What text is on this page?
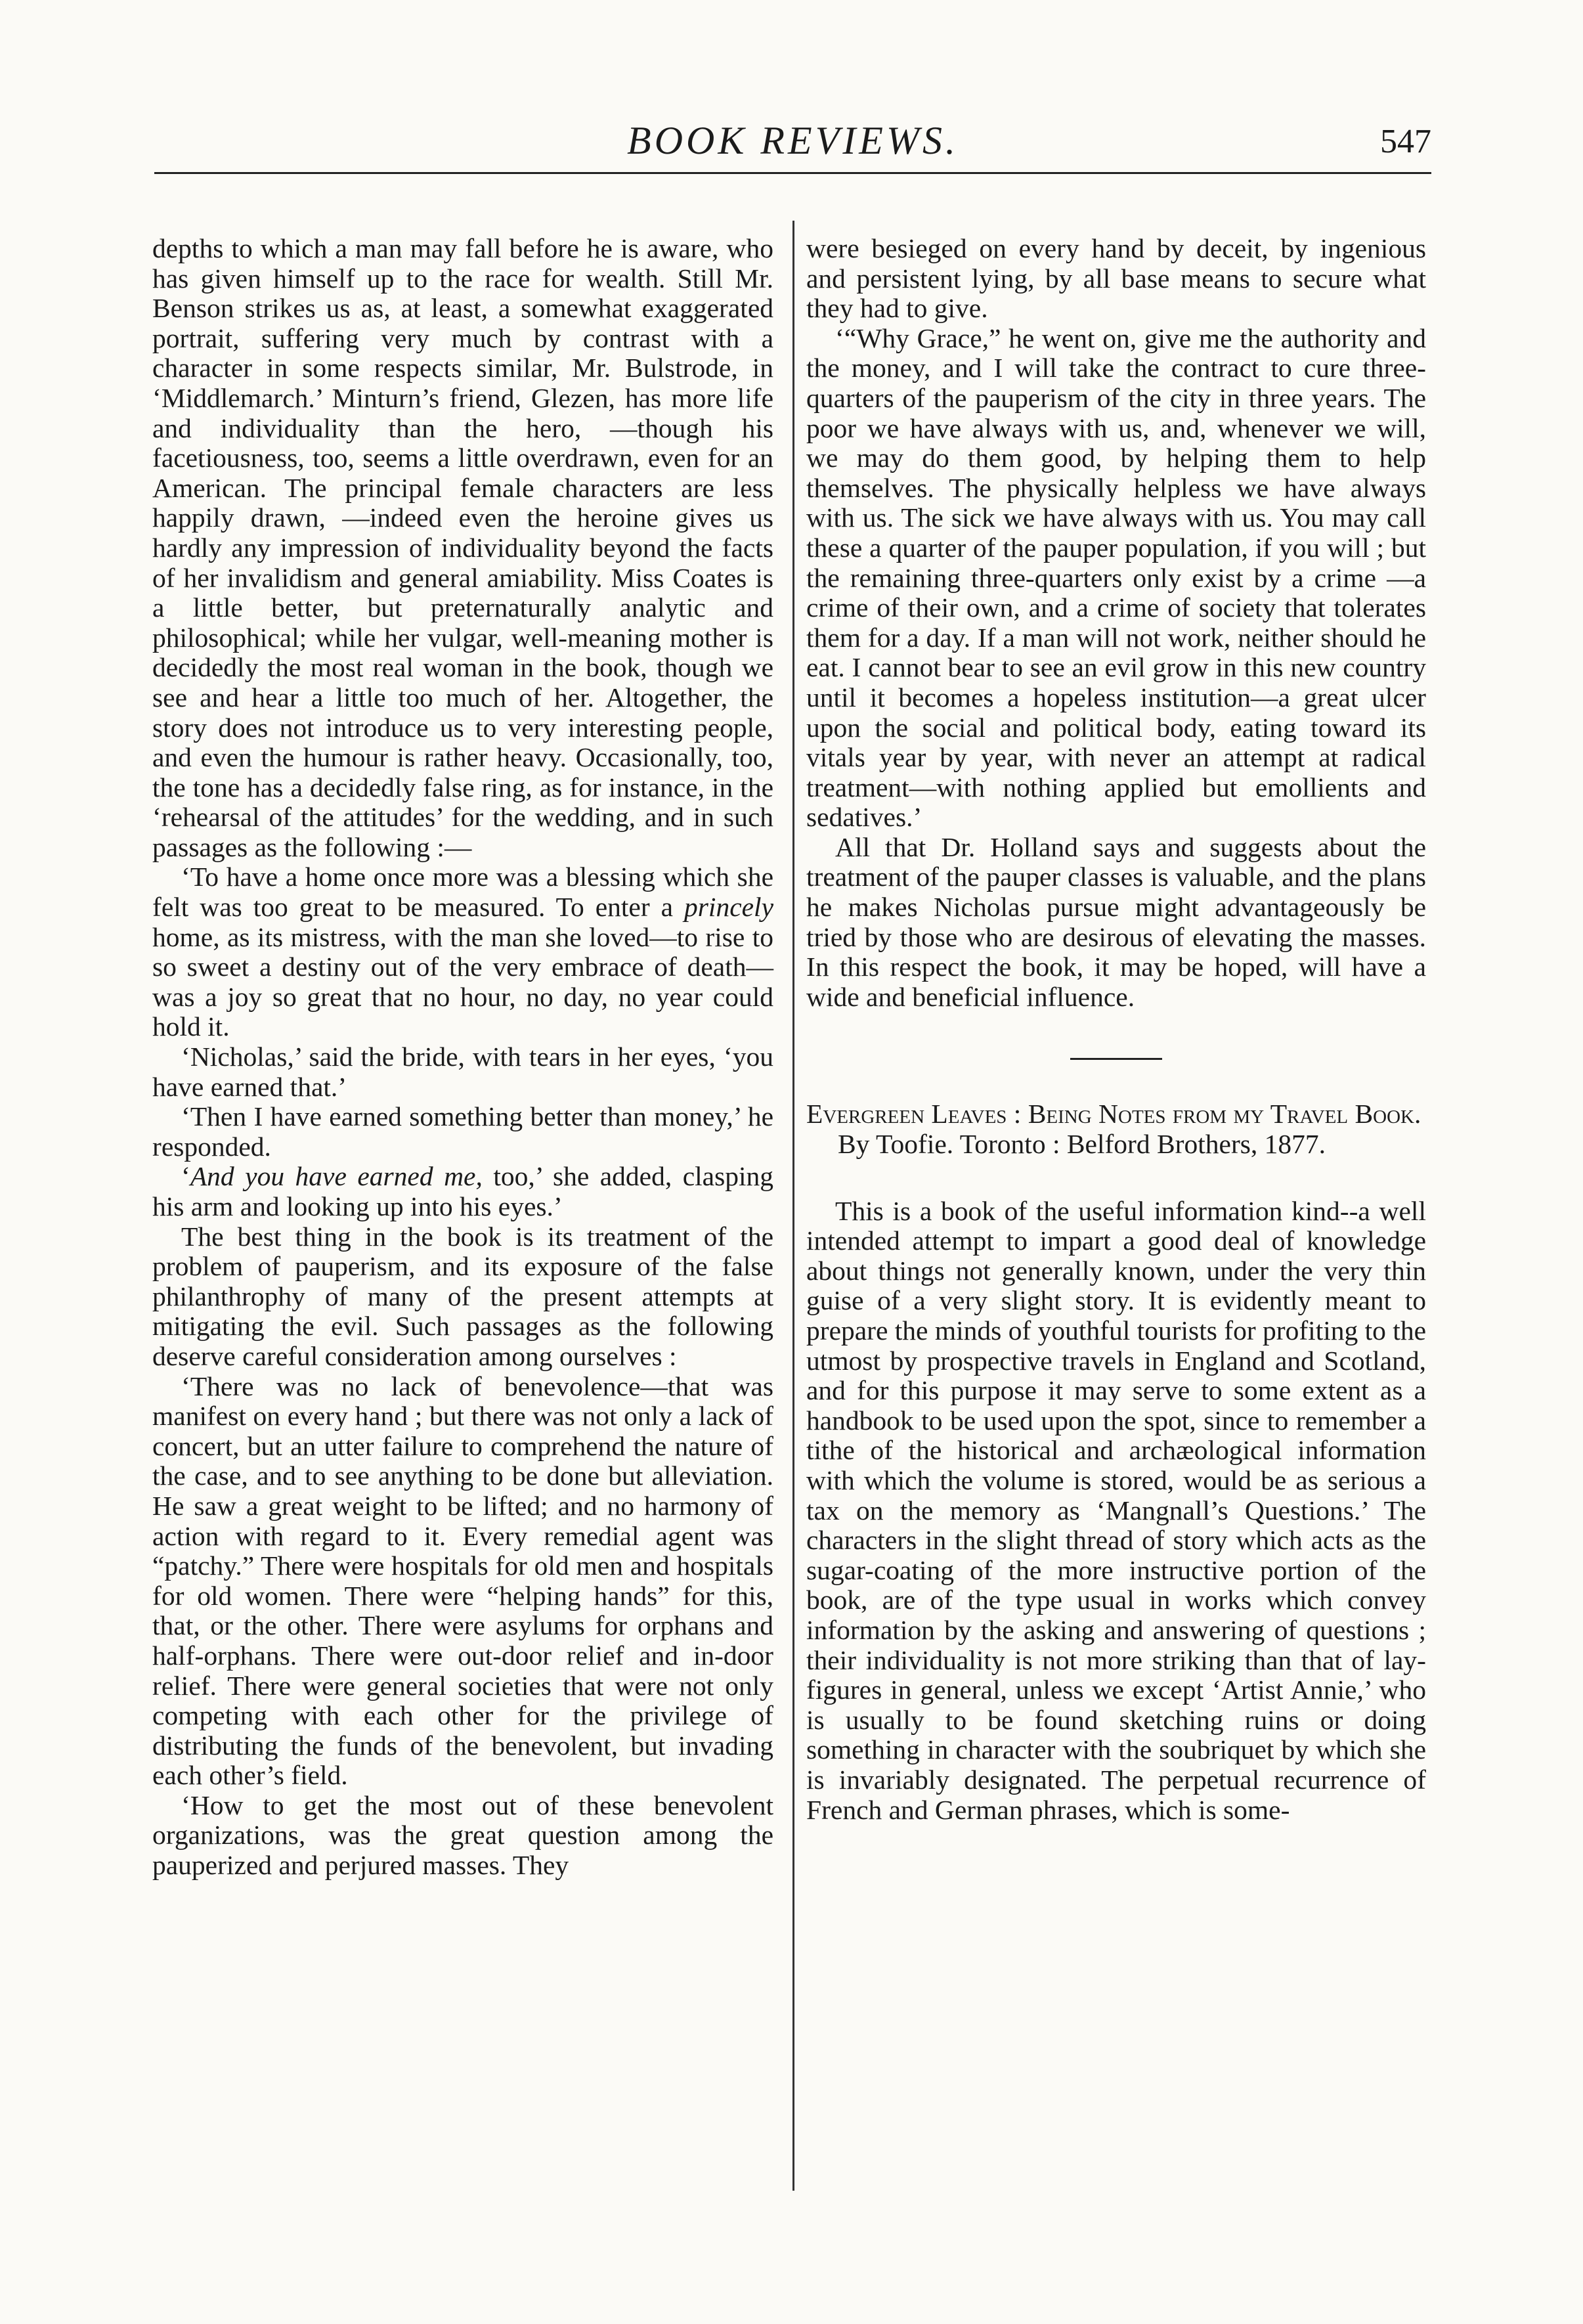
BOOK REVIEWS.	547

depths to which a man may fall before he is aware, who has given himself up to the race for wealth. Still Mr. Benson strikes us as, at least, a somewhat exaggerated portrait, suffering very much by contrast with a character in some respects similar, Mr. Bulstrode, in ‘Middlemarch.’ Minturn’s friend, Glezen, has more life and individuality than the hero, —though his facetiousness, too, seems a little overdrawn, even for an American. The principal female characters are less happily drawn, —indeed even the heroine gives us hardly any impression of individuality beyond the facts of her invalidism and general amiability. Miss Coates is a little better, but preternaturally analytic and philosophical; while her vulgar, well-meaning mother is decidedly the most real woman in the book, though we see and hear a little too much of her. Altogether, the story does not introduce us to very interesting people, and even the humour is rather heavy. Occasionally, too, the tone has a decidedly false ring, as for instance, in the ‘rehearsal of the attitudes’ for the wedding, and in such passages as the following :—

‘To have a home once more was a blessing which she felt was too great to be measured. To enter a princely home, as its mistress, with the man she loved—to rise to so sweet a destiny out of the very embrace of death—was a joy so great that no hour, no day, no year could hold it.

‘Nicholas,’ said the bride, with tears in her eyes, ‘you have earned that.’

‘Then I have earned something better than money,’ he responded.

‘And you have earned me, too,’ she added, clasping his arm and looking up into his eyes.’

The best thing in the book is its treatment of the problem of pauperism, and its exposure of the false philanthrophy of many of the present attempts at mitigating the evil. Such passages as the following deserve careful consideration among ourselves :

‘There was no lack of benevolence—that was manifest on every hand ; but there was not only a lack of concert, but an utter failure to comprehend the nature of the case, and to see anything to be done but alleviation. He saw a great weight to be lifted; and no harmony of action with regard to it. Every remedial agent was “patchy.” There were hospitals for old men and hospitals for old women. There were “helping hands” for this, that, or the other. There were asylums for orphans and half-orphans. There were out-door relief and in-door relief. There were general societies that were not only competing with each other for the privilege of distributing the funds of the benevolent, but invading each other’s field.

‘How to get the most out of these benevolent organizations, was the great question among the pauperized and perjured masses. They

were besieged on every hand by deceit, by ingenious and persistent lying, by all base means to secure what they had to give.

‘“Why Grace,” he went on, give me the authority and the money, and I will take the contract to cure three-quarters of the pauperism of the city in three years. The poor we have always with us, and, whenever we will, we may do them good, by helping them to help themselves. The physically helpless we have always with us. The sick we have always with us. You may call these a quarter of the pauper population, if you will ; but the remaining three-quarters only exist by a crime —a crime of their own, and a crime of society that tolerates them for a day. If a man will not work, neither should he eat. I cannot bear to see an evil grow in this new country until it becomes a hopeless institution—a great ulcer upon the social and political body, eating toward its vitals year by year, with never an attempt at radical treatment—with nothing applied but emollients and sedatives.’

All that Dr. Holland says and suggests about the treatment of the pauper classes is valuable, and the plans he makes Nicholas pursue might advantageously be tried by those who are desirous of elevating the masses. In this respect the book, it may be hoped, will have a wide and beneficial influence.

Evergreen Leaves : Being Notes from my Travel Book. By Toofie. Toronto : Belford Brothers, 1877.

This is a book of the useful information kind--a well intended attempt to impart a good deal of knowledge about things not generally known, under the very thin guise of a very slight story. It is evidently meant to prepare the minds of youthful tourists for profiting to the utmost by prospective travels in England and Scotland, and for this purpose it may serve to some extent as a handbook to be used upon the spot, since to remember a tithe of the historical and archæological information with which the volume is stored, would be as serious a tax on the memory as ‘Mangnall’s Questions.’ The characters in the slight thread of story which acts as the sugar-coating of the more instructive portion of the book, are of the type usual in works which convey information by the asking and answering of questions ; their individuality is not more striking than that of lay-figures in general, unless we except ‘Artist Annie,’ who is usually to be found sketching ruins or doing something in character with the soubriquet by which she is invariably designated. The perpetual recurrence of French and German phrases, which is some-
